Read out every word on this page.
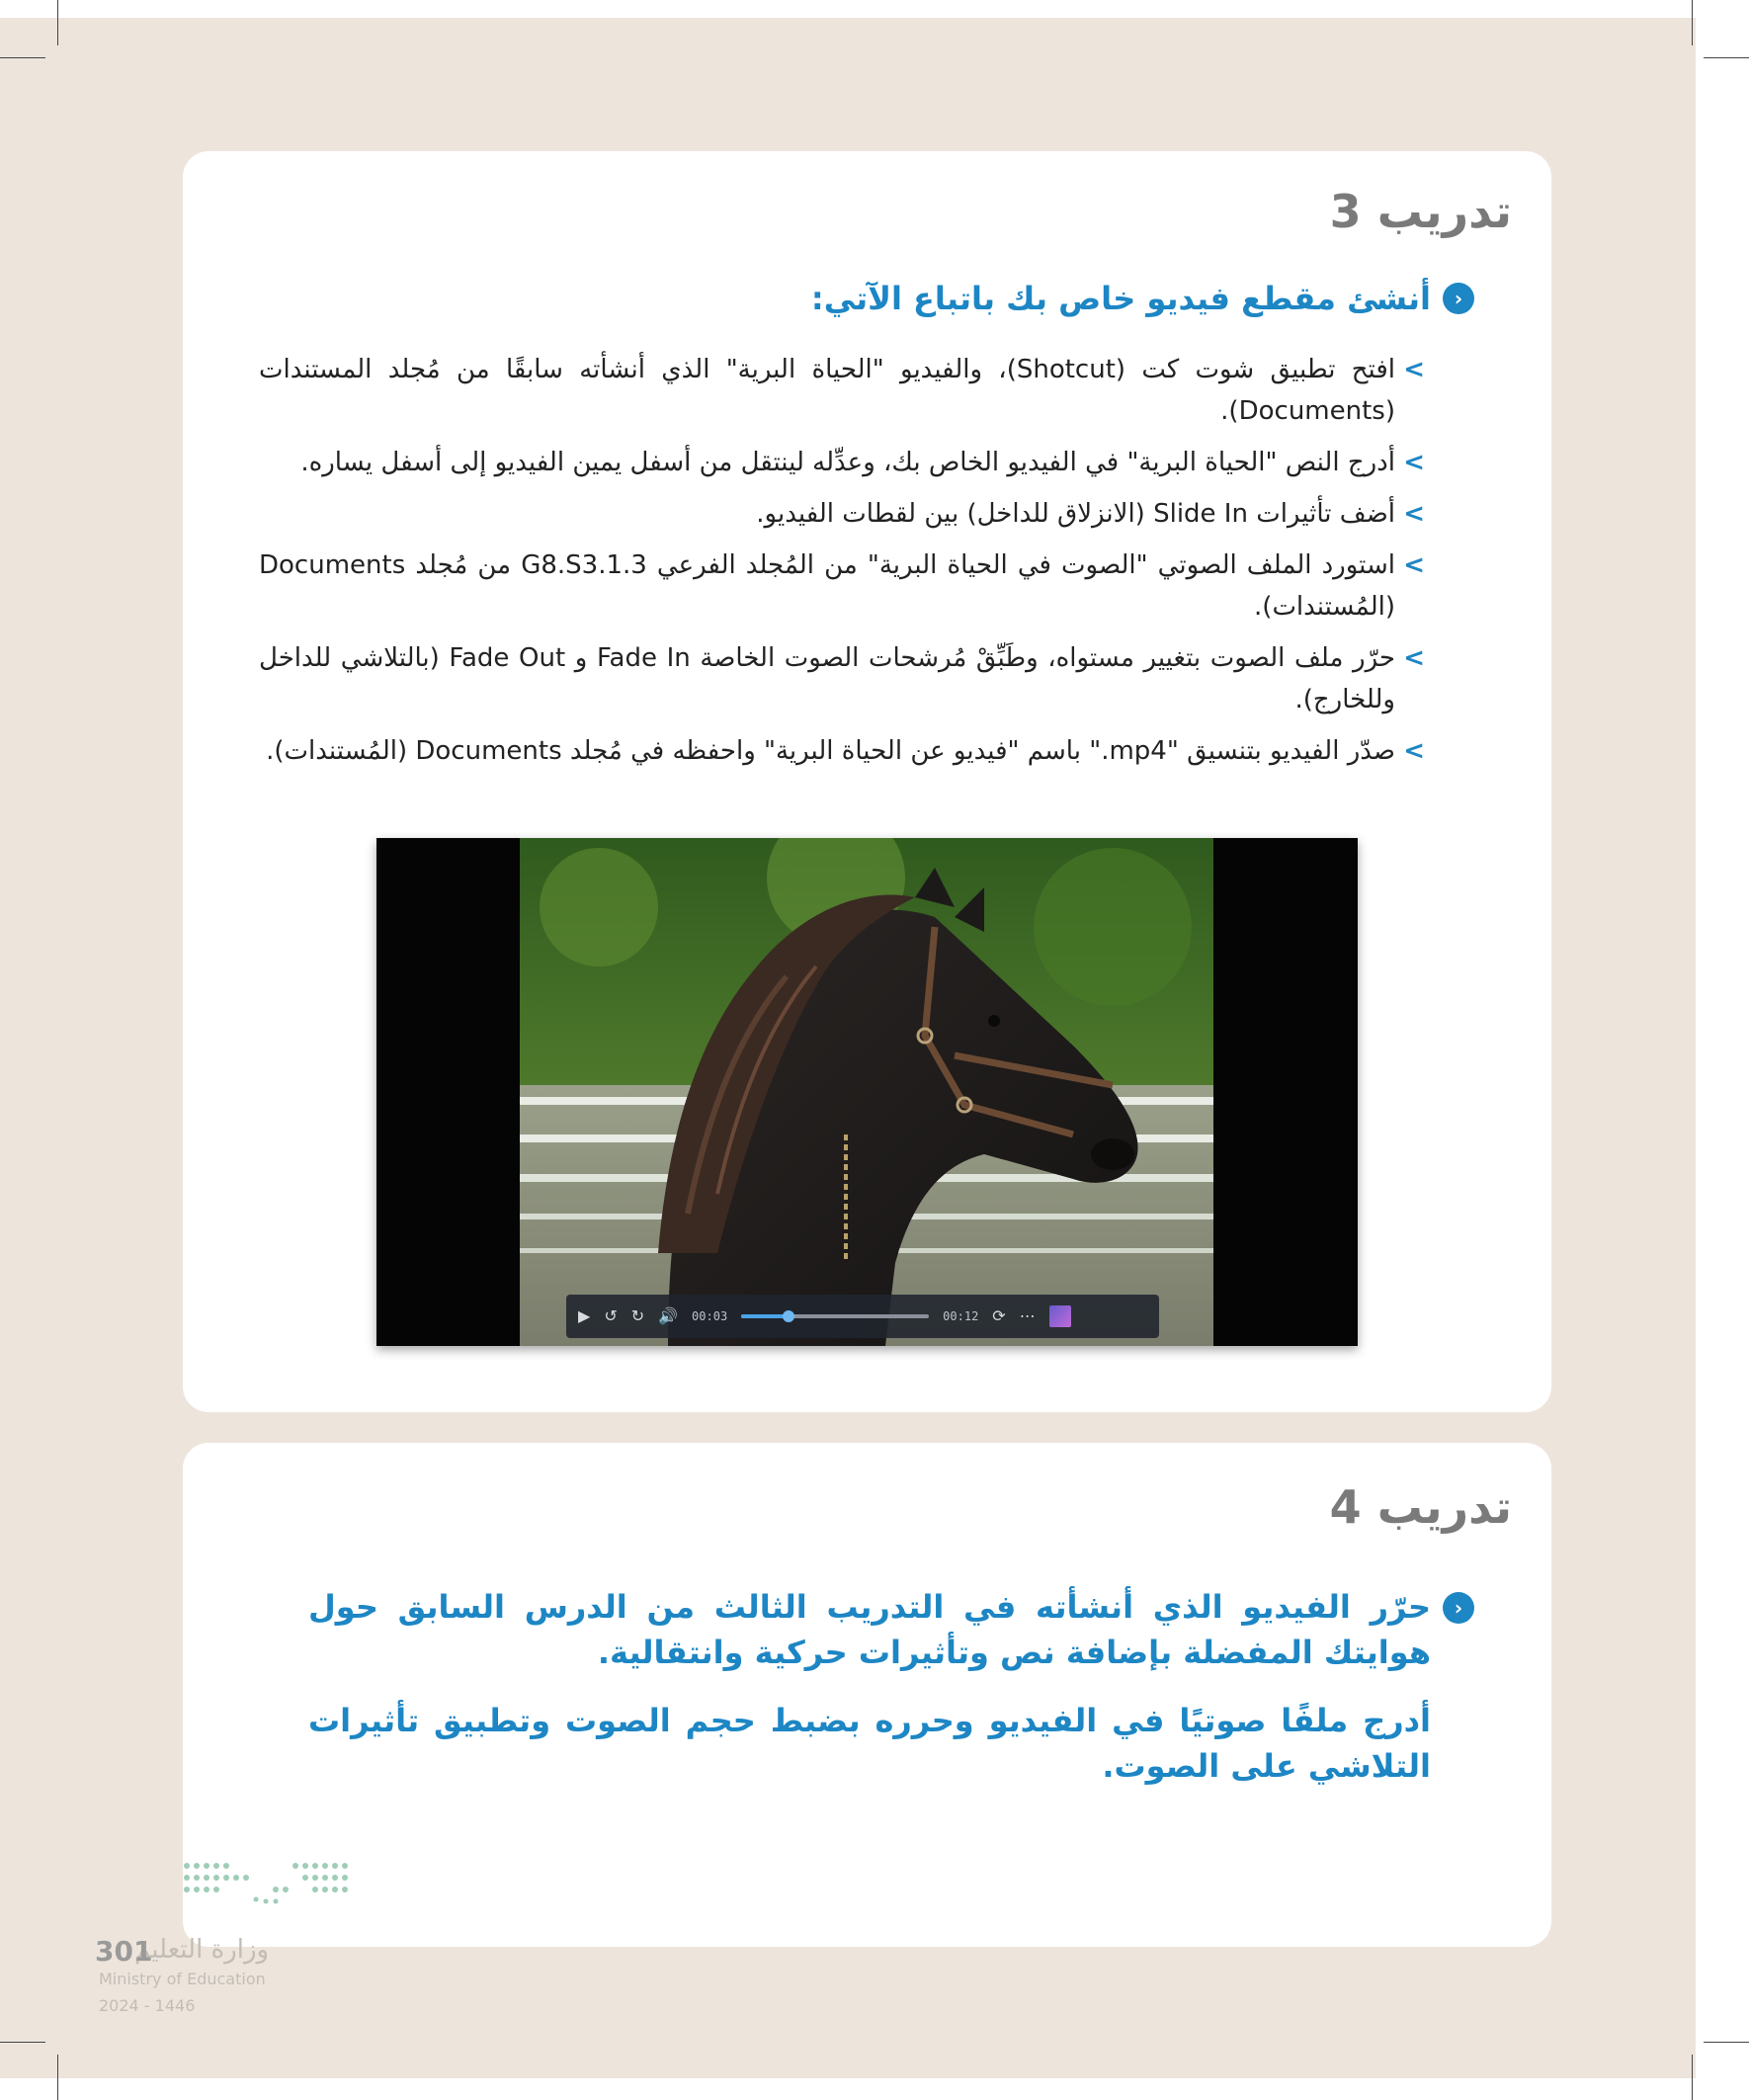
تدريب 3
‹
أنشئ مقطع فيديو خاص بك باتباع الآتي:
>
افتح تطبيق شوت كت (Shotcut)، والفيديو "الحياة البرية" الذي أنشأته سابقًا من مُجلد المستندات (Documents).
>
أدرج النص "الحياة البرية" في الفيديو الخاص بك، وعدِّله لينتقل من أسفل يمين الفيديو إلى أسفل يساره.
>
أضف تأثيرات Slide In (الانزلاق للداخل) بين لقطات الفيديو.
>
استورد الملف الصوتي "الصوت في الحياة البرية" من المُجلد الفرعي G8.S3.1.3 من مُجلد Documents (المُستندات).
>
حرّر ملف الصوت بتغيير مستواه، وطَبِّقْ مُرشحات الصوت الخاصة Fade In و Fade Out (بالتلاشي للداخل وللخارج).
>
صدّر الفيديو بتنسيق "mp4." باسم "فيديو عن الحياة البرية" واحفظه في مُجلد Documents (المُستندات).
▶ ↺ ↻ 🔊 00:03	00:12 ⟳ ⋯
تدريب 4
‹
حرّر الفيديو الذي أنشأته في التدريب الثالث من الدرس السابق حول هوايتك المفضلة بإضافة نص وتأثيرات حركية وانتقالية.
أدرج ملفًا صوتيًا في الفيديو وحرره بضبط حجم الصوت وتطبيق تأثيرات التلاشي على الصوت.
وزارة التعليم
301
Ministry of Education
2024 - 1446
